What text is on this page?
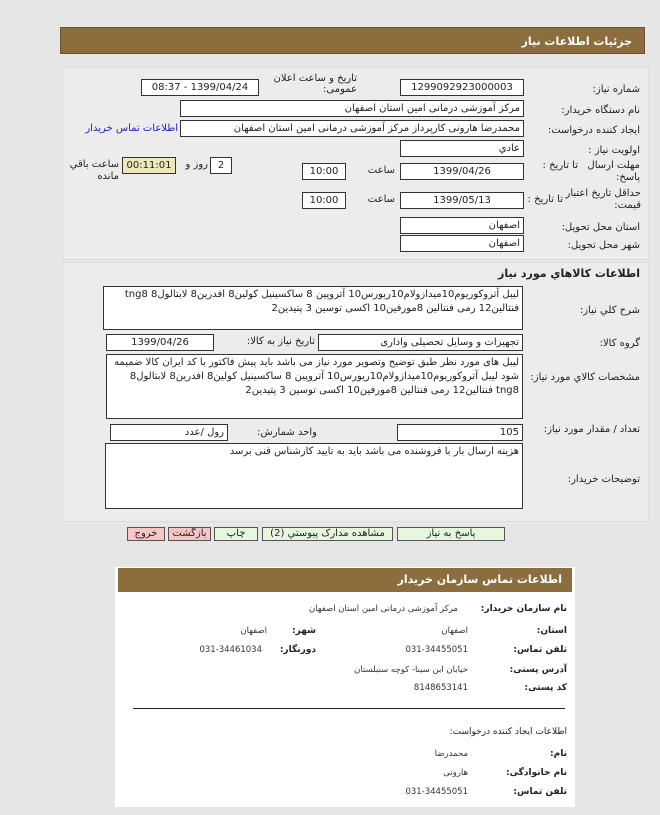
جزئیات اطلاعات نیاز
شماره نیاز:
1299092923000003
تاریخ و ساعت اعلان عمومی:
1399/04/24 - 08:37
نام دستگاه خریدار:
مرکز آموزشی درمانی امین استان اصفهان
ایجاد کننده درخواست:
محمدرضا هارونی کارپرداز مرکز آموزشی درمانی امین استان اصفهان
اطلاعات تماس خریدار
اولویت نیاز :
عادي
مهلت ارسال پاسخ:
تا تاریخ :
1399/04/26
ساعت
10:00
2
روز و
00:11:01
ساعت باقي مانده
حداقل تاریخ اعتبار قیمت:
تا تاریخ :
1399/05/13
ساعت
10:00
استان محل تحویل:
اصفهان
شهر محل تحویل:
اصفهان
اطلاعات کالاهاي مورد نیاز
شرح کلي نیاز:
لیبل آتروکوریوم10میدازولام10ریورس10 آتروپین 8 ساکسینیل کولین8 افدرین8 لابتالول8 tng8 فنتالین12 رمی فنتالین 8مورفین10 اکسی توسین 3 پتیدین2
گروه کالا:
تجهیزات و وسایل تحصیلی واداری
تاریخ نیاز به کالا:
1399/04/26
مشخصات کالاي مورد نیاز:
لیبل های مورد نظر طبق توضیح وتصویر مورد نیاز می باشد باید پیش فاکتور با کد ایران کالا ضمیمه شود لیبل آتروکوریوم10میدازولام10ریورس10 آتروپین 8 ساکسینیل کولین8 افدرین8 لابتالول8 tng8 فنتالین12 رمی فنتالین 8مورفین10 اکسی توسین 3 پتیدین2
تعداد / مقدار مورد نیاز:
105
واحد شمارش:
رول /عدد
توضیحات خریدار:
هزینه ارسال بار با فروشنده می باشد باید به تایید کارشناس فنی برسد
پاسخ به نیاز
مشاهده مدارک پیوستي (2)
چاپ
بازگشت
خروج
اطلاعات تماس سازمان خریدار
نام سازمان خریدار:
مرکز آموزشی درمانی امین استان اصفهان
استان:
اصفهان
شهر:
اصفهان
تلفن تماس:
031-34455051
دورنگار:
031-34461034
آدرس پستی:
خیابان ابن سینا- کوچه سنبلستان
کد پستی:
8148653141
اطلاعات ایجاد کننده درخواست:
نام:
محمدرضا
نام خانوادگی:
هارونی
تلفن تماس:
031-34455051
